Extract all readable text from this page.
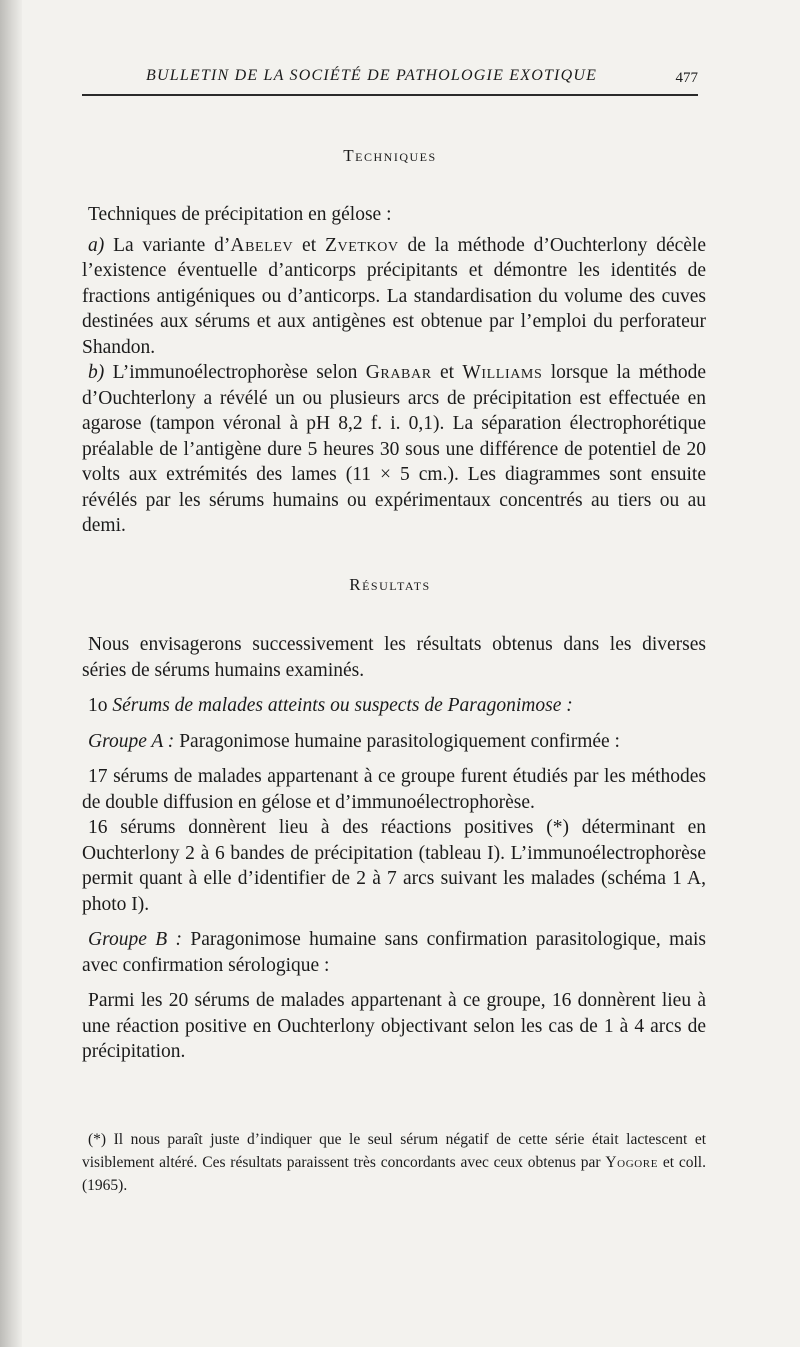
BULLETIN DE LA SOCIÉTÉ DE PATHOLOGIE EXOTIQUE	477
Techniques

Techniques de précipitation en gélose :

a) La variante d’Abelev et Zvetkov de la méthode d’Ouchterlony décèle l’existence éventuelle d’anticorps précipitants et démontre les identités de fractions antigéniques ou d’anticorps. La standardisation du volume des cuves destinées aux sérums et aux antigènes est obtenue par l’emploi du perforateur Shandon.

b) L’immunoélectrophorèse selon Grabar et Williams lorsque la méthode d’Ouchterlony a révélé un ou plusieurs arcs de précipitation est effectuée en agarose (tampon véronal à pH 8,2 f. i. 0,1). La séparation électrophorétique préalable de l’antigène dure 5 heures 30 sous une différence de potentiel de 20 volts aux extrémités des lames (11 × 5 cm.). Les diagrammes sont ensuite révélés par les sérums humains ou expérimentaux concentrés au tiers ou au demi.

Résultats

Nous envisagerons successivement les résultats obtenus dans les diverses séries de sérums humains examinés.

1o Sérums de malades atteints ou suspects de Paragonimose :

Groupe A : Paragonimose humaine parasitologiquement confirmée :

17 sérums de malades appartenant à ce groupe furent étudiés par les méthodes de double diffusion en gélose et d’immunoélectrophorèse.

16 sérums donnèrent lieu à des réactions positives (*) déterminant en Ouchterlony 2 à 6 bandes de précipitation (tableau I). L’immunoélectrophorèse permit quant à elle d’identifier de 2 à 7 arcs suivant les malades (schéma 1 A, photo I).

Groupe B : Paragonimose humaine sans confirmation parasitologique, mais avec confirmation sérologique :

Parmi les 20 sérums de malades appartenant à ce groupe, 16 donnèrent lieu à une réaction positive en Ouchterlony objectivant selon les cas de 1 à 4 arcs de précipitation.

(*) Il nous paraît juste d’indiquer que le seul sérum négatif de cette série était lactescent et visiblement altéré. Ces résultats paraissent très concordants avec ceux obtenus par Yogore et coll. (1965).
